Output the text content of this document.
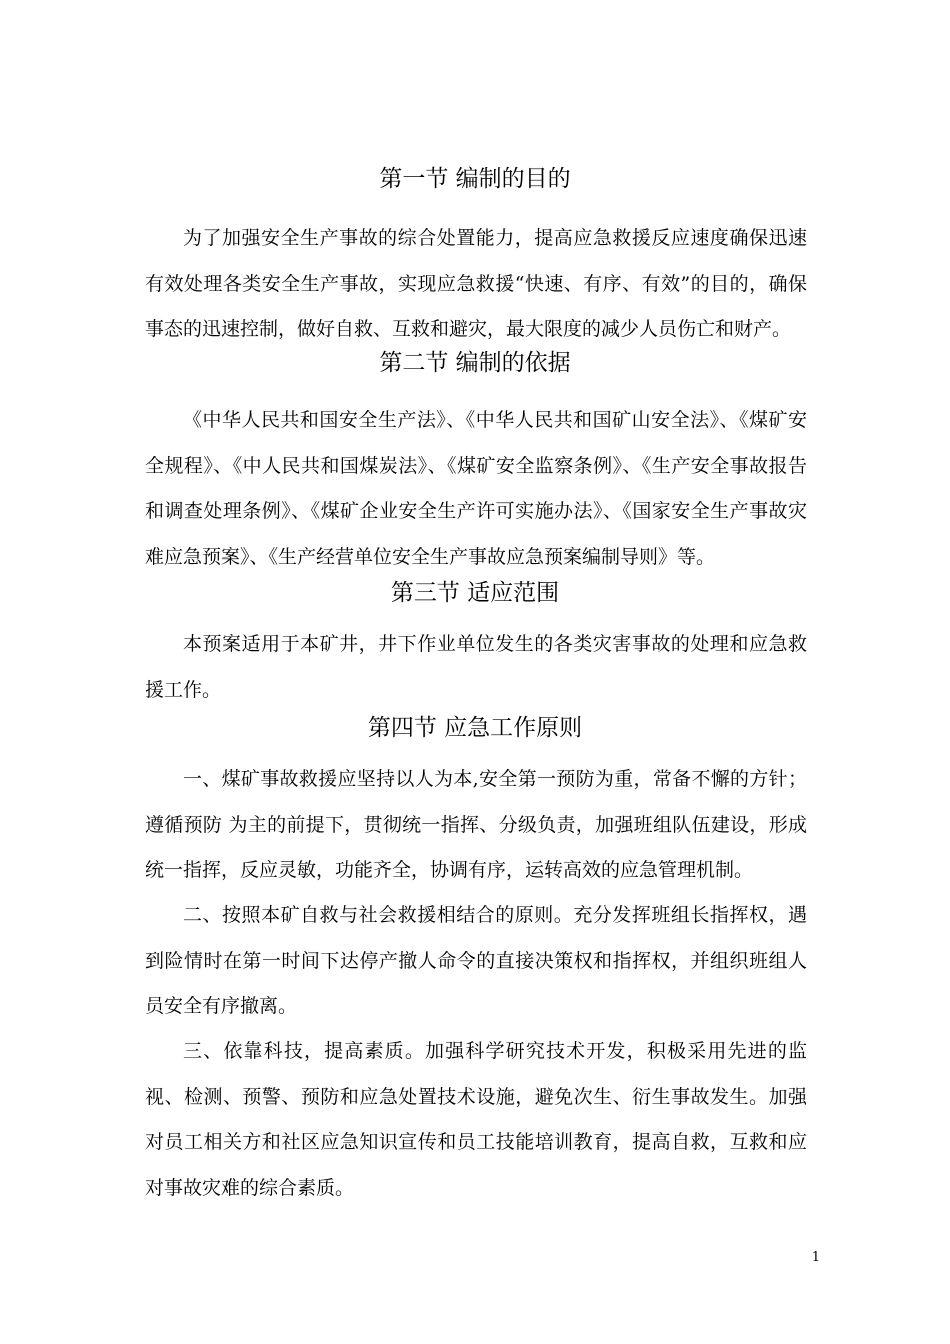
第一节 编制的目的
为了加强安全生产事故的综合处置能力，提高应急救援反应速度确保迅速有效处理各类安全生产事故，实现应急救援“快速、有序、有效”的目的，确保事态的迅速控制，做好自救、互救和避灾，最大限度的减少人员伤亡和财产。
第二节 编制的依据
《中华人民共和国安全生产法》、《中华人民共和国矿山安全法》、《煤矿安全规程》、《中人民共和国煤炭法》、《煤矿安全监察条例》、《生产安全事故报告和调查处理条例》、《煤矿企业安全生产许可实施办法》、《国家安全生产事故灾难应急预案》、《生产经营单位安全生产事故应急预案编制导则》等。
第三节 适应范围
本预案适用于本矿井，井下作业单位发生的各类灾害事故的处理和应急救援工作。
第四节 应急工作原则
一、煤矿事故救援应坚持以人为本,安全第一预防为重，常备不懈的方针；遵循预防 为主的前提下，贯彻统一指挥、分级负责，加强班组队伍建设，形成统一指挥，反应灵敏，功能齐全，协调有序，运转高效的应急管理机制。
二、按照本矿自救与社会救援相结合的原则。充分发挥班组长指挥权，遇到险情时在第一时间下达停产撤人命令的直接决策权和指挥权，并组织班组人员安全有序撤离。
三、依靠科技，提高素质。加强科学研究技术开发，积极采用先进的监视、检测、预警、预防和应急处置技术设施，避免次生、衍生事故发生。加强对员工相关方和社区应急知识宣传和员工技能培训教育，提高自救，互救和应对事故灾难的综合素质。
1
